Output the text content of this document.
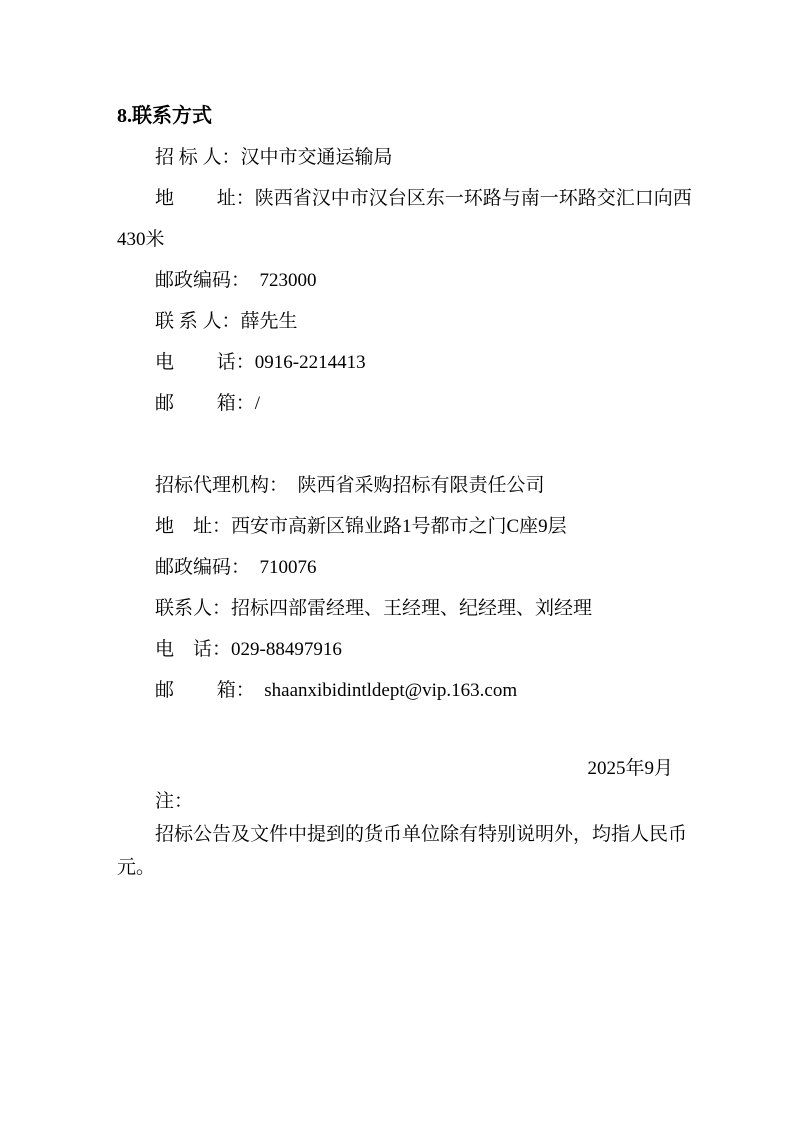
8.联系方式

招 标 人：汉中市交通运输局

地　　 址：陕西省汉中市汉台区东一环路与南一环路交汇口向西

430米

邮政编码：　723000

联 系 人：薛先生

电　　 话：0916-2214413

邮　　 箱：/

招标代理机构：　陕西省采购招标有限责任公司

地　址：西安市高新区锦业路1号都市之门C座9层

邮政编码：　710076

联系人：招标四部雷经理、王经理、纪经理、刘经理

电　话：029-88497916

邮　　 箱：　shaanxibidintldept@vip.163.com

2025年9月

注：

招标公告及文件中提到的货币单位除有特别说明外，均指人民币

元。
